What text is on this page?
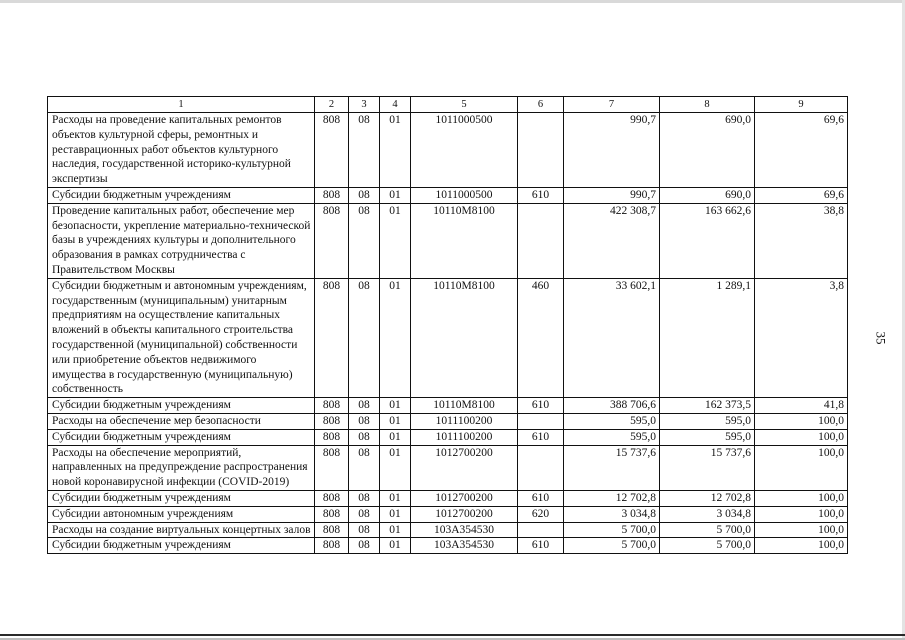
1	2	3	4	5	6	7	8	9
Расходы на проведение капитальных ремонтов объектов культурной сферы, ремонтных и реставрационных работ объектов культурного наследия, государственной историко-культурной экспертизы	808	08	01	1011000500		990,7	690,0	69,6
Субсидии бюджетным учреждениям	808	08	01	1011000500	610	990,7	690,0	69,6
Проведение капитальных работ, обеспечение мер безопасности, укрепление материально-технической базы в учреждениях культуры и дополнительного образования в рамках сотрудничества с Правительством Москвы	808	08	01	10110M8100		422 308,7	163 662,6	38,8
Субсидии бюджетным и автономным учреждениям, государственным (муниципальным) унитарным предприятиям на осуществление капитальных вложений в объекты капитального строительства государственной (муниципальной) собственности или приобретение объектов недвижимого имущества в государственную (муниципальную) собственность	808	08	01	10110M8100	460	33 602,1	1 289,1	3,8
Субсидии бюджетным учреждениям	808	08	01	10110M8100	610	388 706,6	162 373,5	41,8
Расходы на обеспечение мер безопасности	808	08	01	1011100200		595,0	595,0	100,0
Субсидии бюджетным учреждениям	808	08	01	1011100200	610	595,0	595,0	100,0
Расходы на обеспечение мероприятий, направленных на предупреждение распространения новой коронавирусной инфекции (COVID-2019)	808	08	01	1012700200		15 737,6	15 737,6	100,0
Субсидии бюджетным учреждениям	808	08	01	1012700200	610	12 702,8	12 702,8	100,0
Субсидии автономным учреждениям	808	08	01	1012700200	620	3 034,8	3 034,8	100,0
Расходы на создание виртуальных концертных залов	808	08	01	103A354530		5 700,0	5 700,0	100,0
Субсидии бюджетным учреждениям	808	08	01	103A354530	610	5 700,0	5 700,0	100,0
35
